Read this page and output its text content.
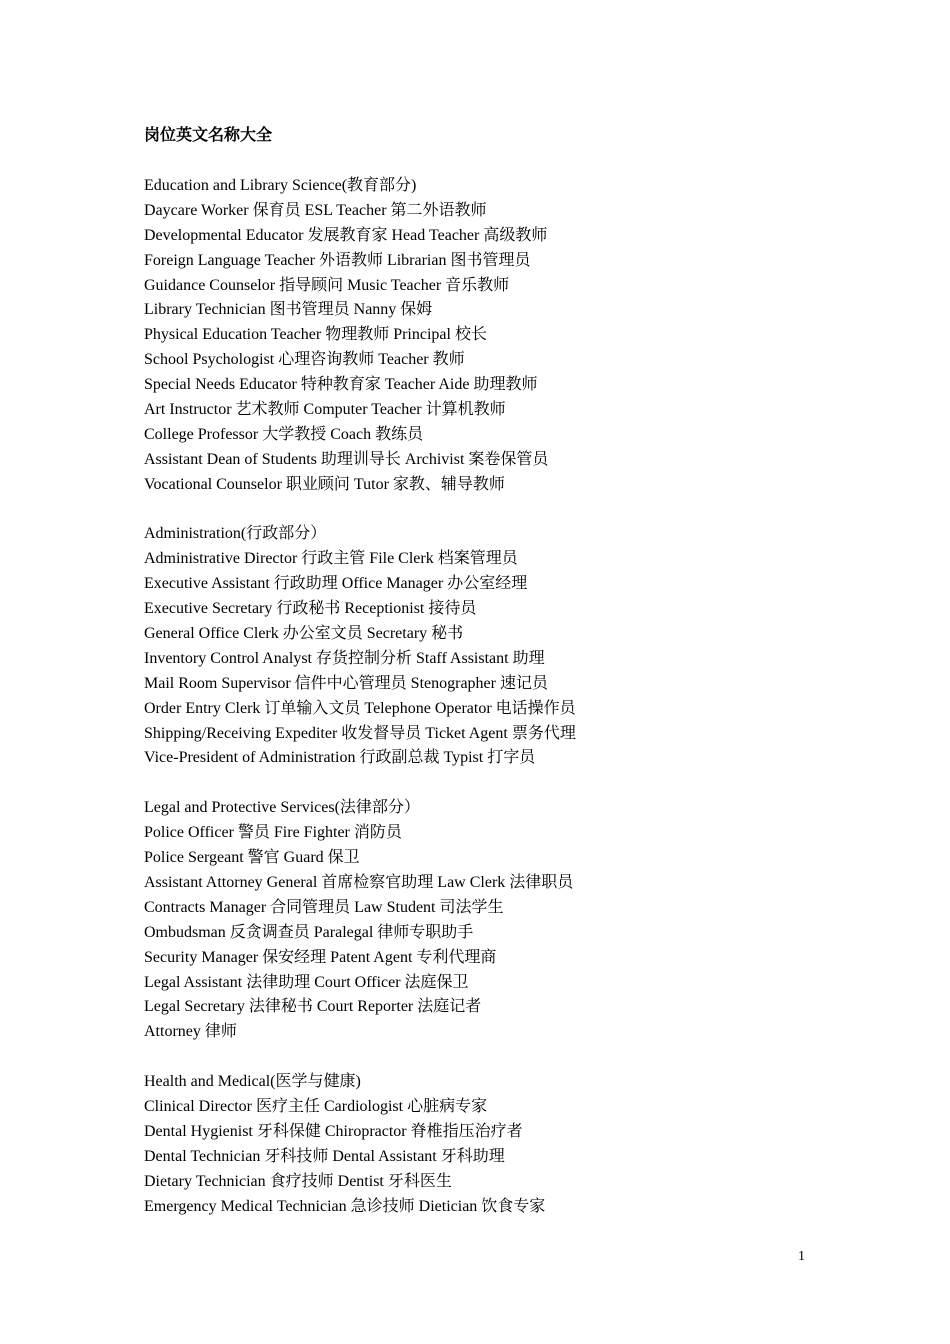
岗位英文名称大全
Education and Library Science(教育部分)
Daycare Worker 保育员 ESL Teacher 第二外语教师
Developmental Educator 发展教育家 Head Teacher 高级教师
Foreign Language Teacher 外语教师 Librarian 图书管理员
Guidance Counselor 指导顾问 Music Teacher 音乐教师
Library Technician 图书管理员 Nanny 保姆
Physical Education Teacher 物理教师 Principal 校长
School Psychologist 心理咨询教师 Teacher 教师
Special Needs Educator 特种教育家 Teacher Aide 助理教师
Art Instructor 艺术教师 Computer Teacher 计算机教师
College Professor 大学教授 Coach 教练员
Assistant Dean of Students 助理训导长 Archivist 案卷保管员
Vocational Counselor 职业顾问 Tutor 家教、辅导教师
Administration(行政部分）
Administrative Director 行政主管 File Clerk 档案管理员
Executive Assistant 行政助理 Office Manager 办公室经理
Executive Secretary 行政秘书 Receptionist 接待员
General Office Clerk 办公室文员 Secretary 秘书
Inventory Control Analyst 存货控制分析 Staff Assistant 助理
Mail Room Supervisor 信件中心管理员 Stenographer 速记员
Order Entry Clerk 订单输入文员 Telephone Operator 电话操作员
Shipping/Receiving Expediter 收发督导员 Ticket Agent 票务代理
Vice-President of Administration 行政副总裁 Typist 打字员
Legal and Protective Services(法律部分）
Police Officer 警员 Fire Fighter 消防员
Police Sergeant 警官 Guard 保卫
Assistant Attorney General 首席检察官助理 Law Clerk 法律职员
Contracts Manager 合同管理员 Law Student 司法学生
Ombudsman 反贪调查员 Paralegal 律师专职助手
Security Manager 保安经理 Patent Agent 专利代理商
Legal Assistant 法律助理 Court Officer 法庭保卫
Legal Secretary 法律秘书 Court Reporter 法庭记者
Attorney 律师
Health and Medical(医学与健康)
Clinical Director 医疗主任 Cardiologist 心脏病专家
Dental Hygienist 牙科保健 Chiropractor 脊椎指压治疗者
Dental Technician 牙科技师 Dental Assistant 牙科助理
Dietary Technician 食疗技师 Dentist 牙科医生
Emergency Medical Technician 急诊技师 Dietician 饮食专家
1
